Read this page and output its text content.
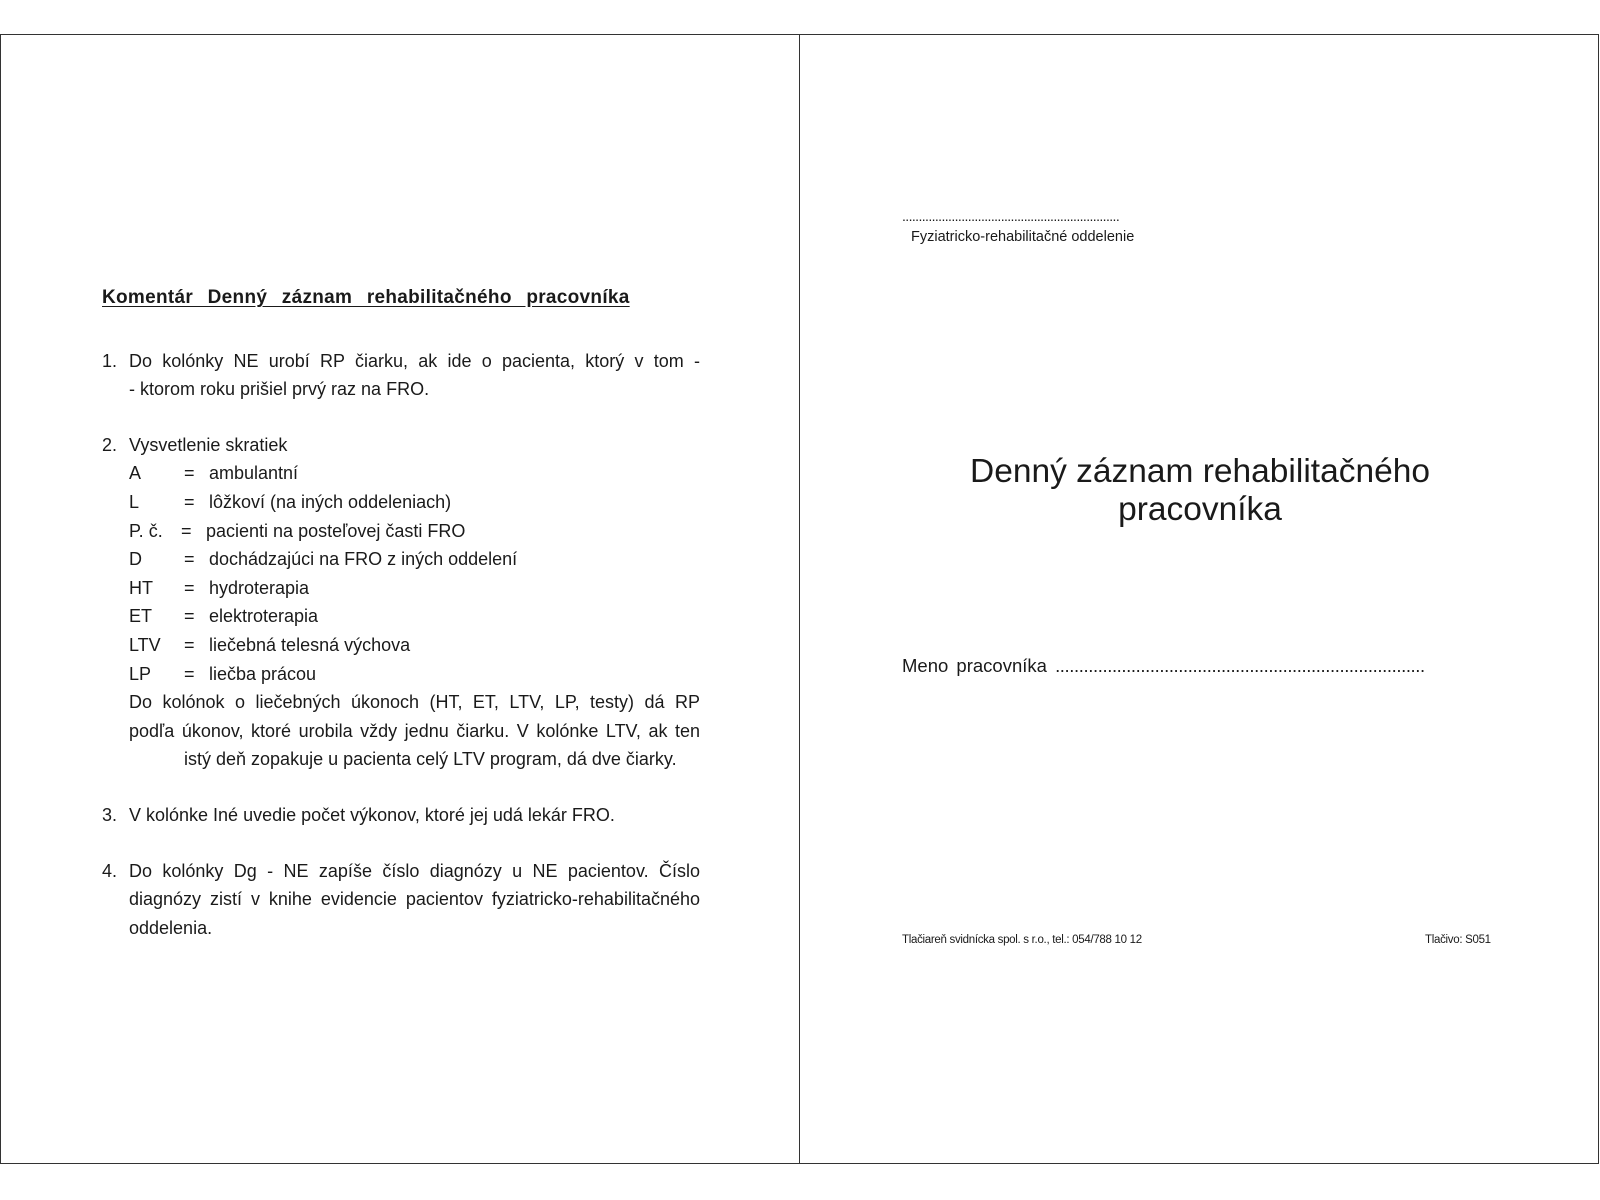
Komentár Denný záznam rehabilitačného pracovníka
1. Do kolónky NE urobí RP čiarku, ak ide o pacienta, ktorý v tom -
- ktorom roku prišiel prvý raz na FRO.
2. Vysvetlenie skratiek
A	= ambulantní
L	= lôžkoví (na iných oddeleniach)
P. č.	= pacienti na posteľovej časti FRO
D	= dochádzajúci na FRO z iných oddelení
HT	= hydroterapia
ET	= elektroterapia
LTV	= liečebná telesná výchova
LP	= liečba prácou
Do kolónok o liečebných úkonoch (HT, ET, LTV, LP, testy) dá RP
podľa úkonov, ktoré urobila vždy jednu čiarku. V kolónke LTV, ak ten
istý deň zopakuje u pacienta celý LTV program, dá dve čiarky.
3. V kolónke Iné uvedie počet výkonov, ktoré jej udá lekár FRO.
4. Do kolónky Dg - NE zapíše číslo diagnózy u NE pacientov. Číslo
diagnózy zistí v knihe evidencie pacientov fyziatricko-rehabilitačného
oddelenia.
..................................................................
Fyziatricko-rehabilitačné oddelenie
Denný záznam rehabilitačného
pracovníka
Meno pracovníka ..............................................................................
Tlačiareň svidnícka spol. s r.o., tel.: 054/788 10 12	Tlačivo: S051
